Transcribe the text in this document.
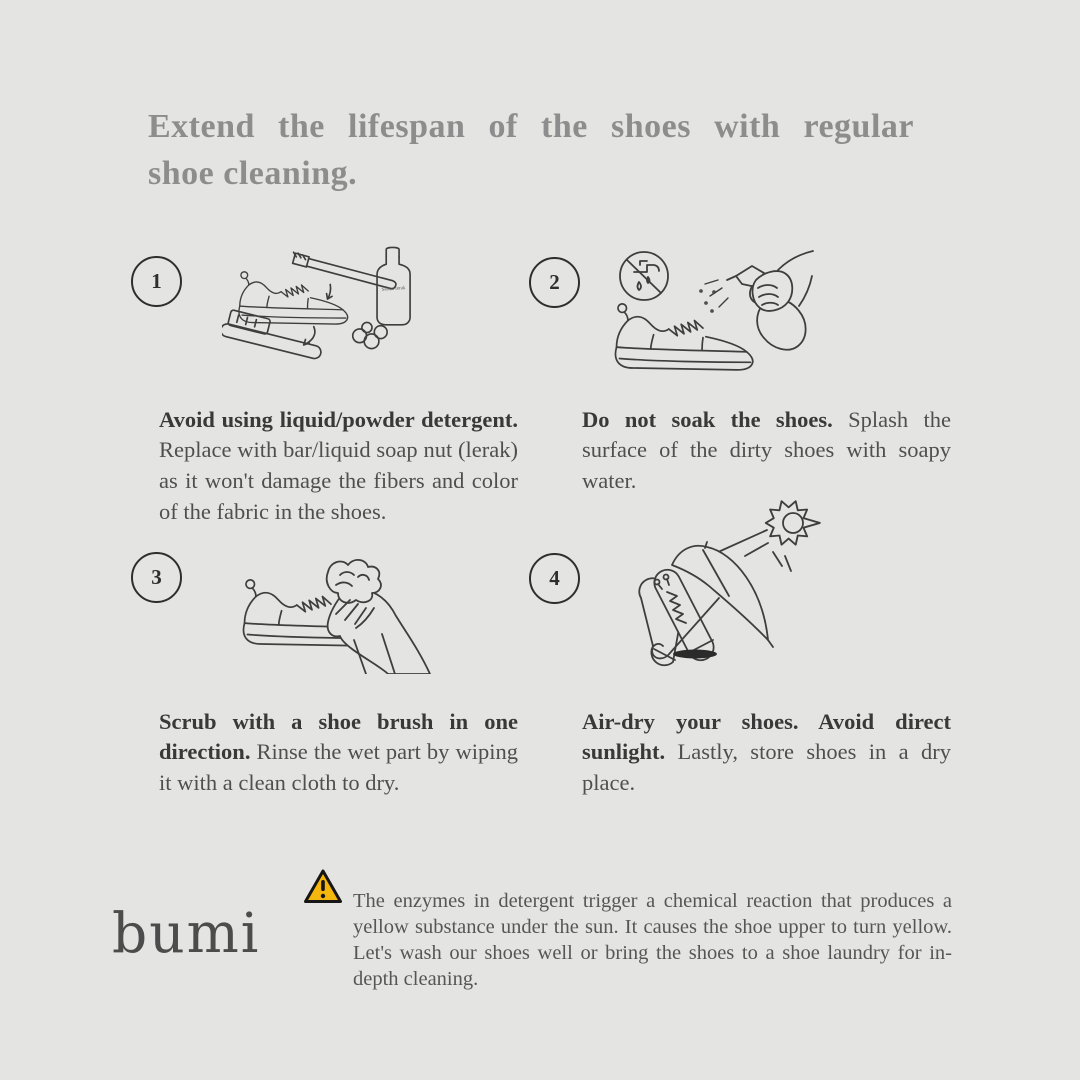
Extend the lifespan of the shoes with regular
shoe cleaning.
1	2
3	4
Sabun lerak

Avoid using liquid/powder detergent. Replace with bar/liquid soap nut (lerak) as it won't damage the fibers and color of the fabric in the shoes.

Do not soak the shoes. Splash the surface of the dirty shoes with soapy water.

Scrub with a shoe brush in one direction. Rinse the wet part by wiping it with a clean cloth to dry.

Air-dry your shoes. Avoid direct sunlight. Lastly, store shoes in a dry place.

The enzymes in detergent trigger a chemical reaction that produces a yellow substance under the sun. It causes the shoe upper to turn yellow. Let's wash our shoes well or bring the shoes to a shoe laundry for in-depth cleaning.

bumi
